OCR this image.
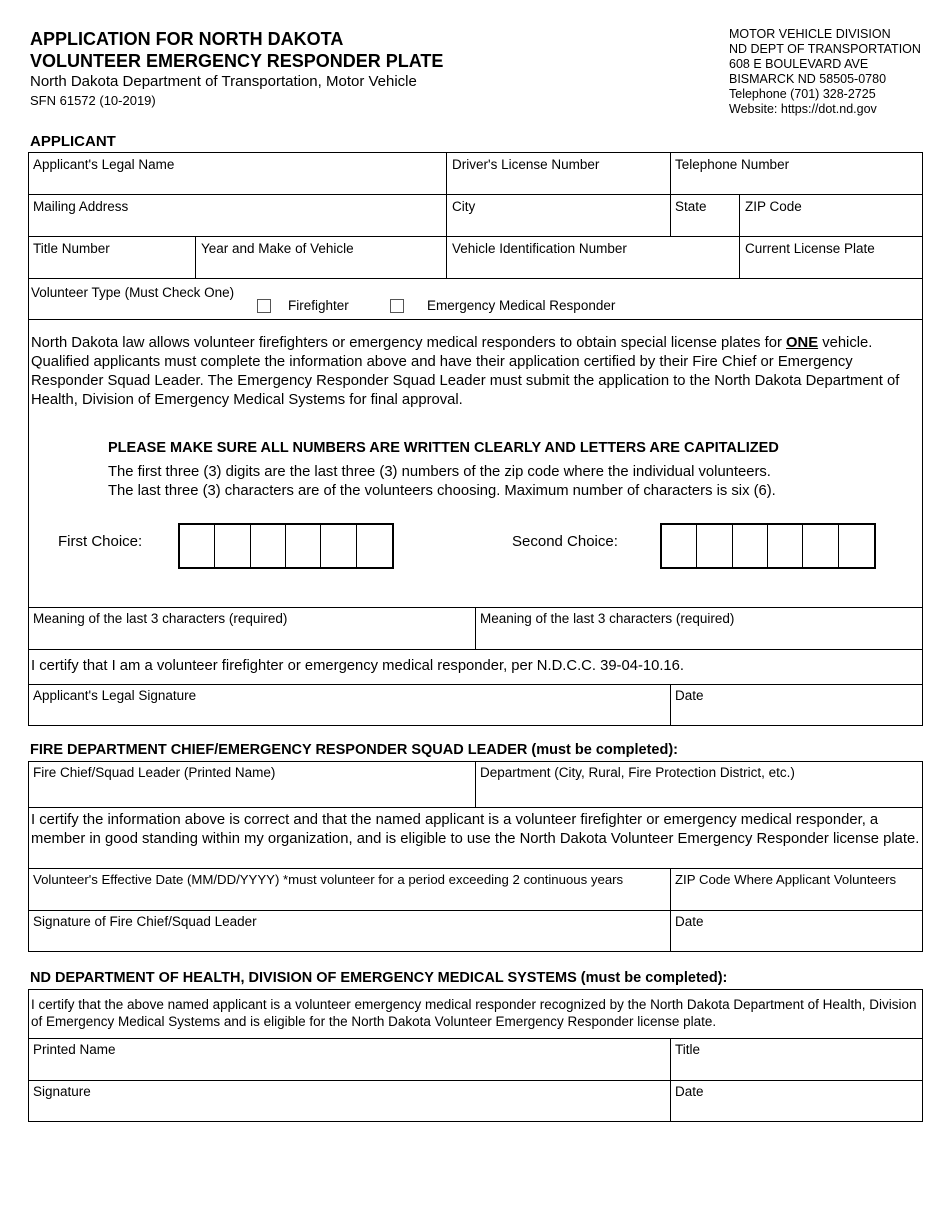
APPLICATION FOR NORTH DAKOTA
VOLUNTEER EMERGENCY RESPONDER PLATE
North Dakota Department of Transportation, Motor Vehicle
SFN 61572 (10-2019)
MOTOR VEHICLE DIVISION
ND DEPT OF TRANSPORTATION
608 E BOULEVARD AVE
BISMARCK ND 58505-0780
Telephone (701) 328-2725
Website: https://dot.nd.gov
APPLICANT
Applicant's Legal Name	Driver's License Number	Telephone Number
Mailing Address	City	State	ZIP Code
Title Number	Year and Make of Vehicle	Vehicle Identification Number	Current License Plate
Volunteer Type (Must Check One)
Firefighter	Emergency Medical Responder
North Dakota law allows volunteer firefighters or emergency medical responders to obtain special license plates for ONE vehicle.
Qualified applicants must complete the information above and have their application certified by their Fire Chief or Emergency Responder Squad Leader. The Emergency Responder Squad Leader must submit the application to the North Dakota Department of Health, Division of Emergency Medical Systems for final approval.
PLEASE MAKE SURE ALL NUMBERS ARE WRITTEN CLEARLY AND LETTERS ARE CAPITALIZED
The first three (3) digits are the last three (3) numbers of the zip code where the individual volunteers.
The last three (3) characters are of the volunteers choosing. Maximum number of characters is six (6).
First Choice:	Second Choice:
Meaning of the last 3 characters (required)	Meaning of the last 3 characters (required)
I certify that I am a volunteer firefighter or emergency medical responder, per N.D.C.C. 39-04-10.16.
Applicant's Legal Signature	Date
FIRE DEPARTMENT CHIEF/EMERGENCY RESPONDER SQUAD LEADER (must be completed):
Fire Chief/Squad Leader (Printed Name)	Department (City, Rural, Fire Protection District, etc.)
I certify the information above is correct and that the named applicant is a volunteer firefighter or emergency medical responder, a member in good standing within my organization, and is eligible to use the North Dakota Volunteer Emergency Responder license plate.
Volunteer's Effective Date (MM/DD/YYYY) *must volunteer for a period exceeding 2 continuous years	ZIP Code Where Applicant Volunteers
Signature of Fire Chief/Squad Leader	Date
ND DEPARTMENT OF HEALTH, DIVISION OF EMERGENCY MEDICAL SYSTEMS (must be completed):
I certify that the above named applicant is a volunteer emergency medical responder recognized by the North Dakota Department of Health, Division of Emergency Medical Systems and is eligible for the North Dakota Volunteer Emergency Responder license plate.
Printed Name	Title
Signature	Date
